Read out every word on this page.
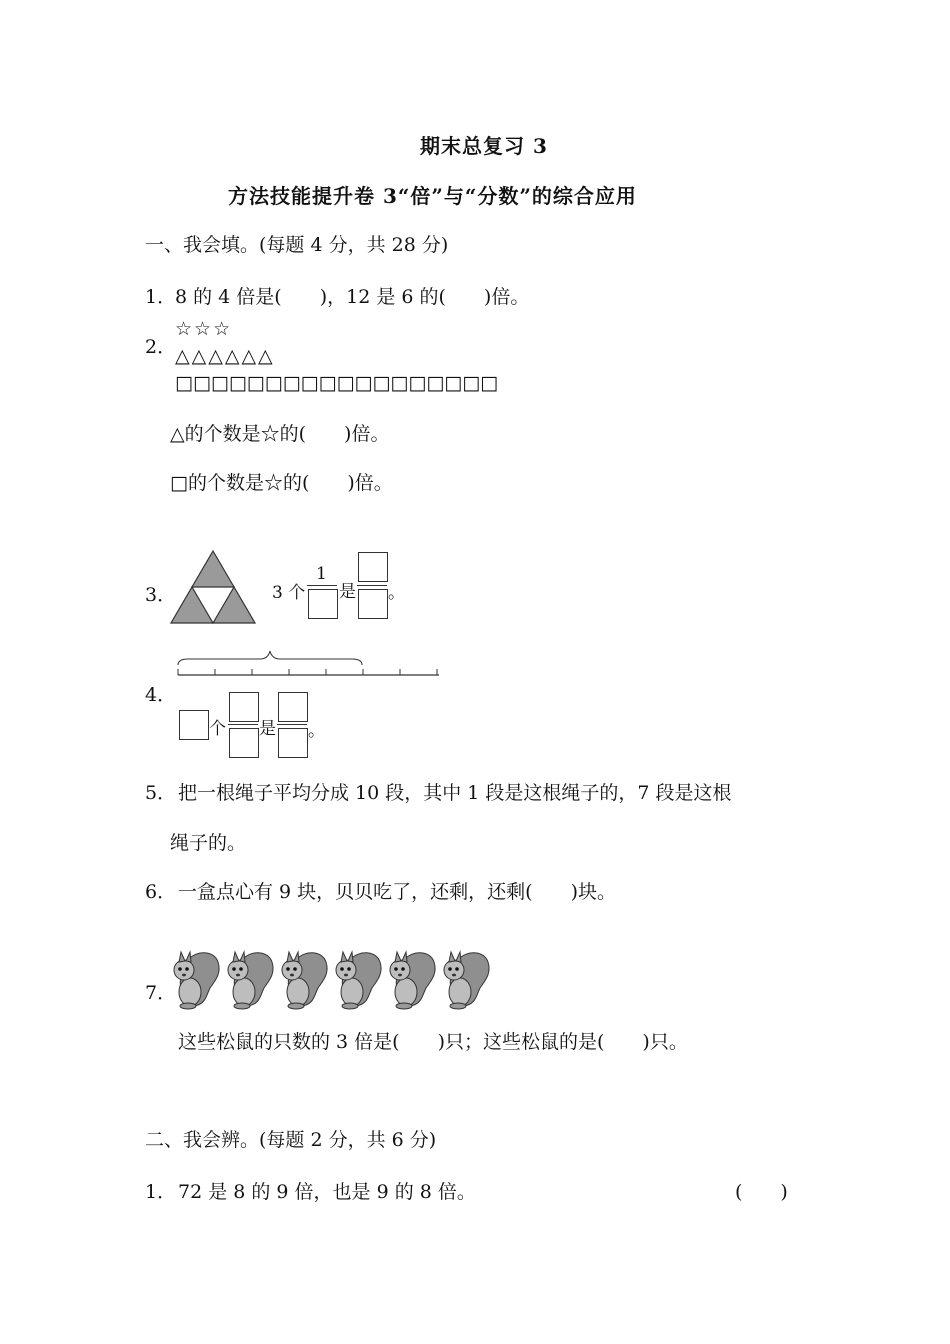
期末总复习 3
方法技能提升卷 3“倍”与“分数”的综合应用
一、我会填。(每题 4 分，共 28 分)
1．
8 的 4 倍是(　　)，12 是 6 的(　　)倍。
2．
☆☆☆
△△△△△△
□□□□□□□□□□□□□□□□□□
△的个数是☆的(　　)倍。
□的个数是☆的(　　)倍。
3．	3 个
1
是 。
4．
个 是 。
5． 把一根绳子平均分成 10 段，其中 1 段是这根绳子的，7 段是这根
绳子的。
6． 一盒点心有 9 块，贝贝吃了，还剩，还剩(　　)块。
7．
这些松鼠的只数的 3 倍是(　　)只；这些松鼠的是(　　)只。
二、我会辨。(每题 2 分，共 6 分)
1． 72 是 8 的 9 倍，也是 9 的 8 倍。	(　　)
